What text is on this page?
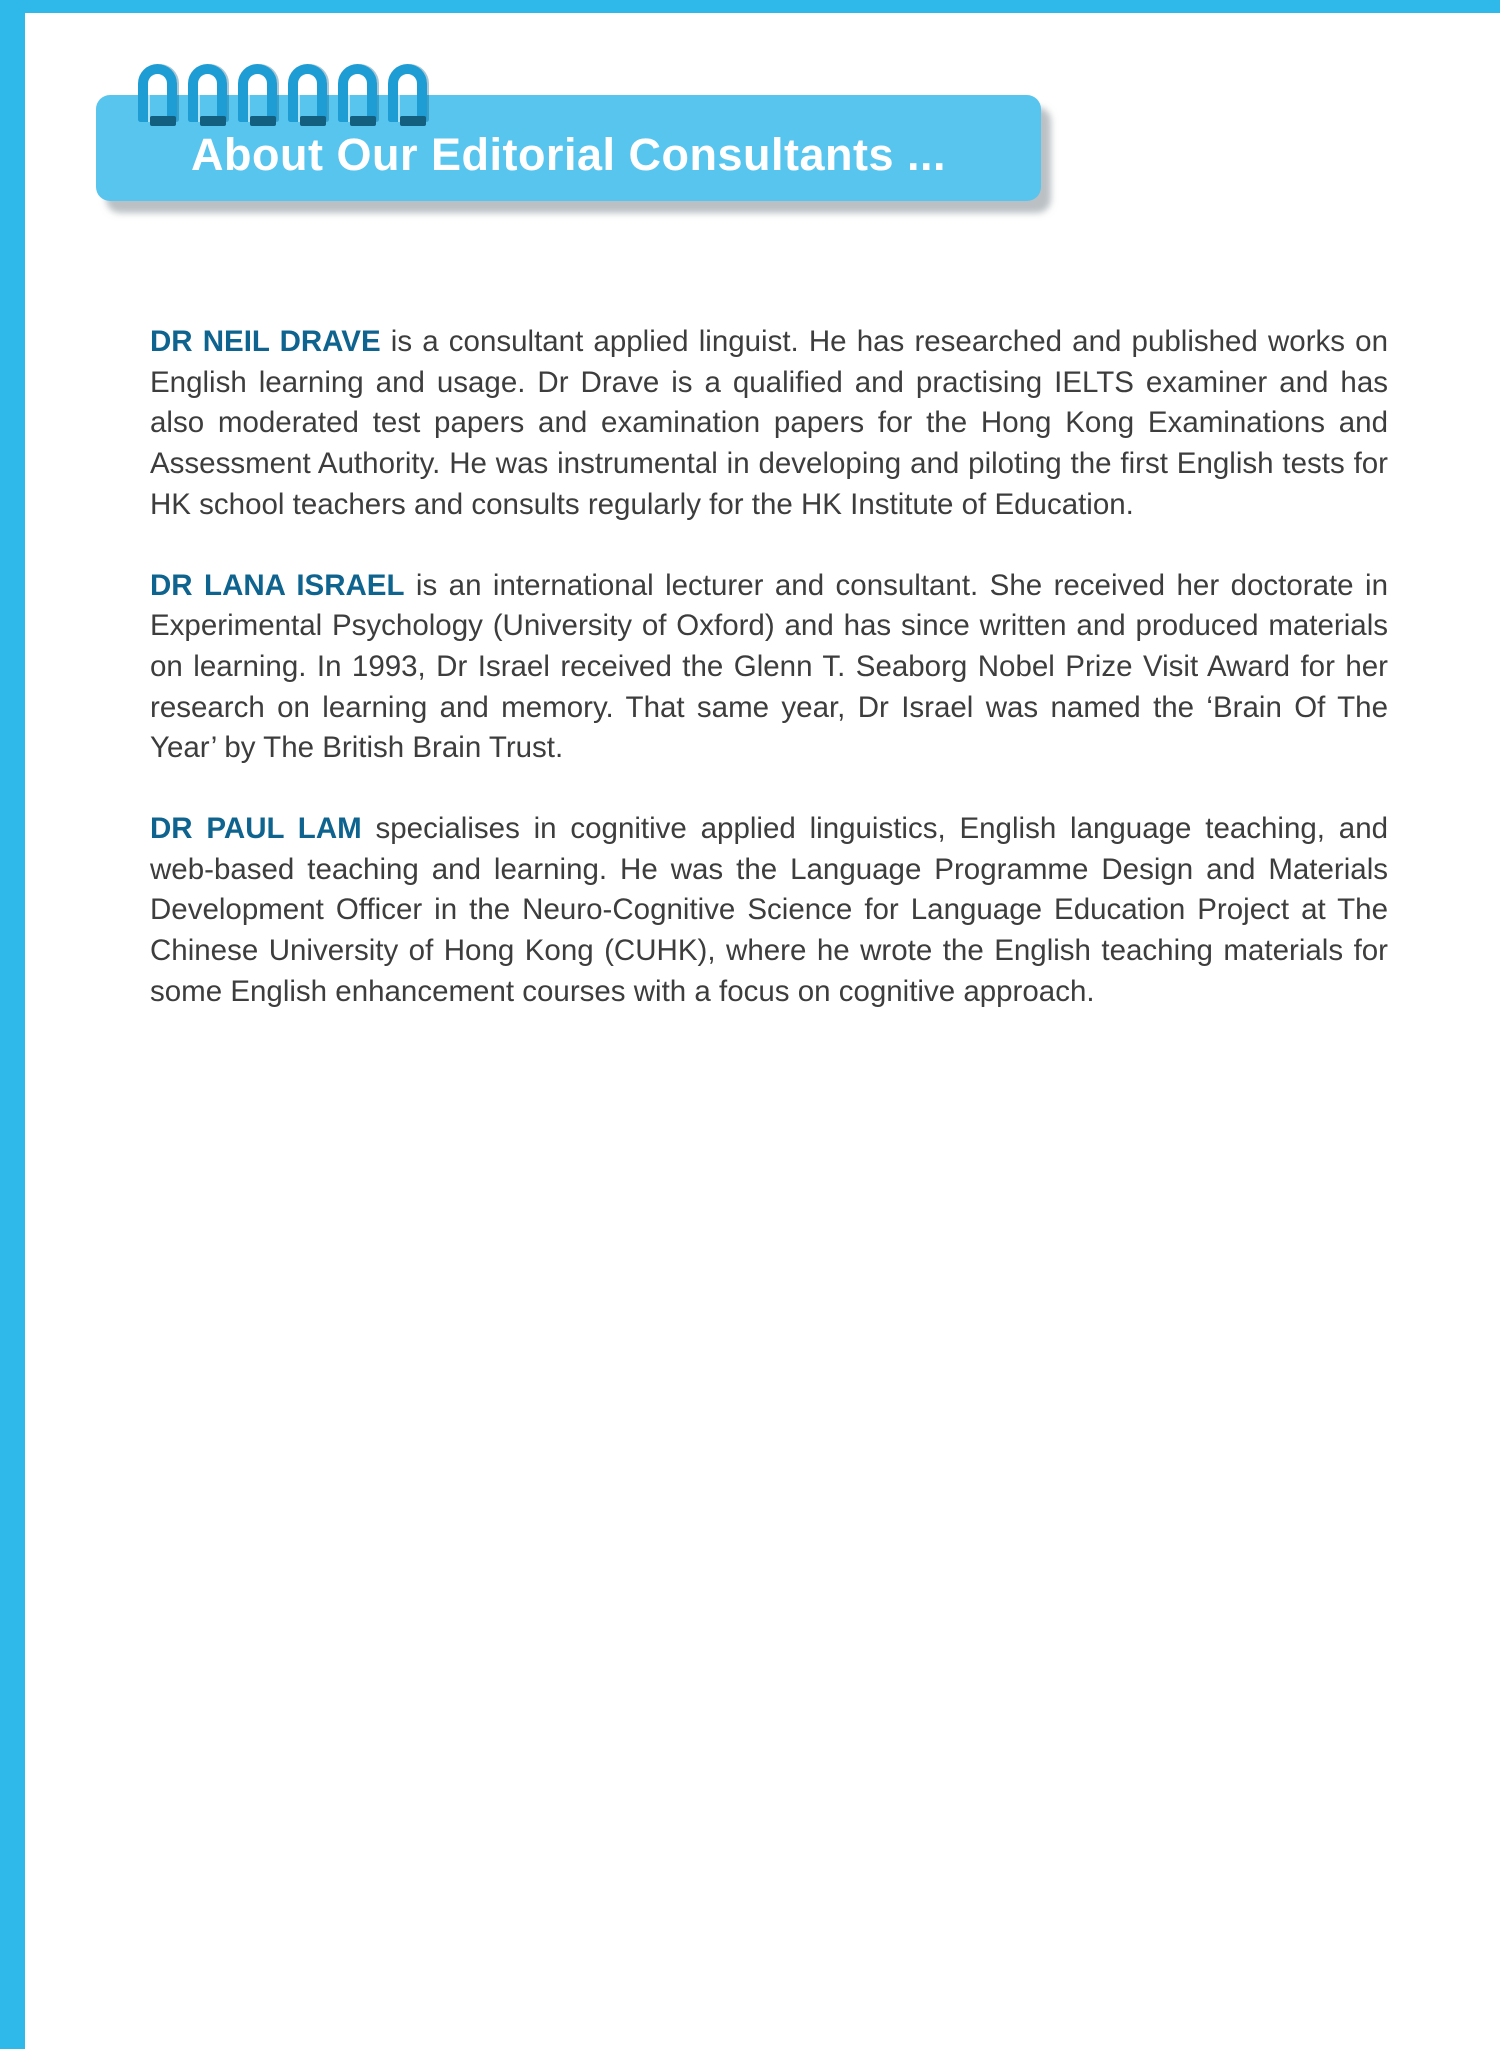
About Our Editorial Consultants ...

DR NEIL DRAVE is a consultant applied linguist. He has researched and published works on English learning and usage. Dr Drave is a qualified and practising IELTS examiner and has also moderated test papers and examination papers for the Hong Kong Examinations and Assessment Authority. He was instrumental in developing and piloting the first English tests for HK school teachers and consults regularly for the HK Institute of Education.

DR LANA ISRAEL is an international lecturer and consultant. She received her doctorate in Experimental Psychology (University of Oxford) and has since written and produced materials on learning. In 1993, Dr Israel received the Glenn T. Seaborg Nobel Prize Visit Award for her research on learning and memory. That same year, Dr Israel was named the ‘Brain Of The Year’ by The British Brain Trust.

DR PAUL LAM specialises in cognitive applied linguistics, English language teaching, and web-based teaching and learning. He was the Language Programme Design and Materials Development Officer in the Neuro-Cognitive Science for Language Education Project at The Chinese University of Hong Kong (CUHK), where he wrote the English teaching materials for some English enhancement courses with a focus on cognitive approach.
